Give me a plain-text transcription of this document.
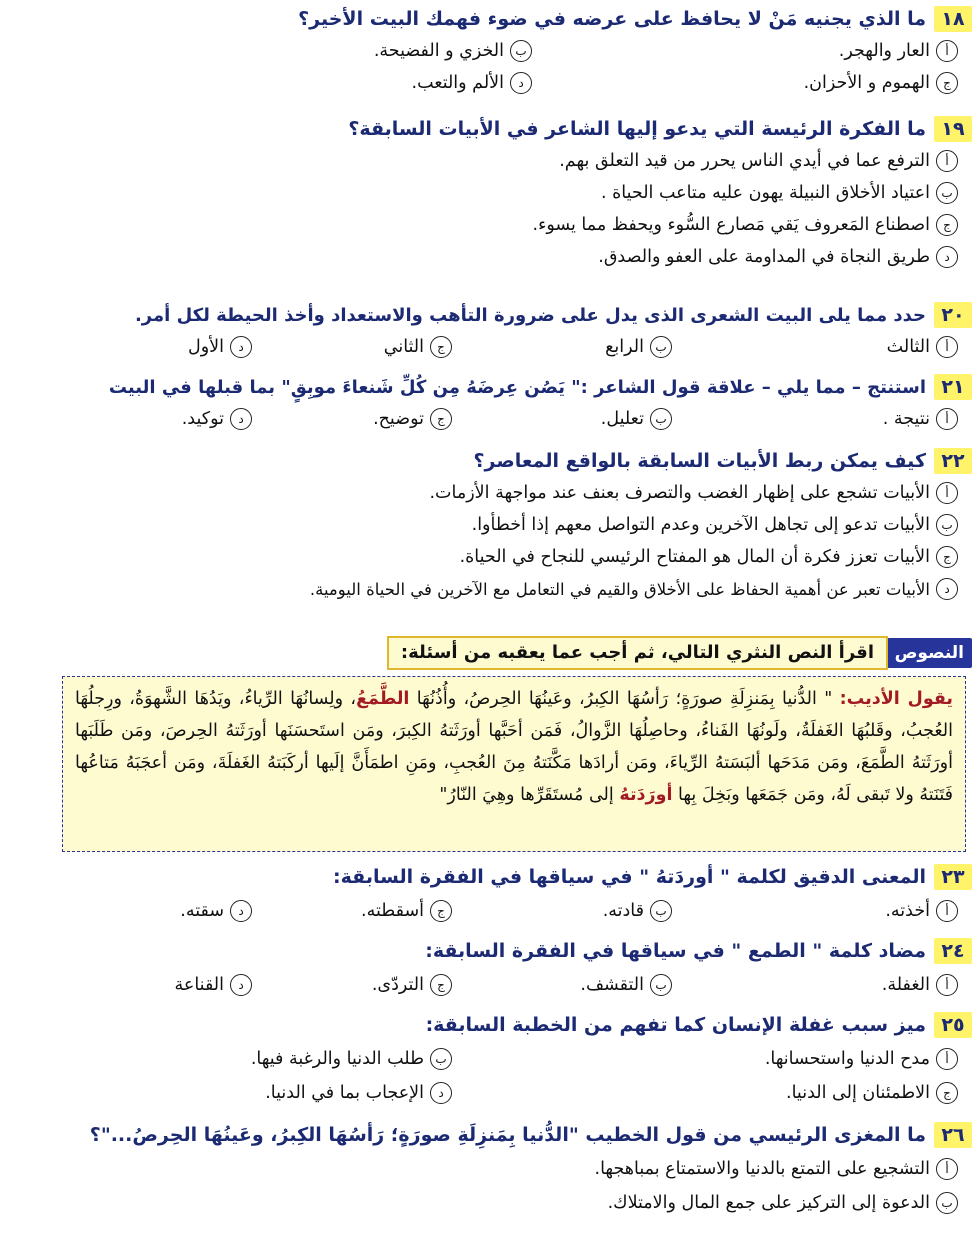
١٨
ما الذي يجنيه مَنْ لا يحافظ على عرضه في ضوء فهمك البيت الأخير؟
أ
العار والهجر.
ب
الخزي و الفضيحة.
ج
الهموم و الأحزان.
د
الألم والتعب.
١٩
ما الفكرة الرئيسة التي يدعو إليها الشاعر في الأبيات السابقة؟
أ
الترفع عما في أيدي الناس يحرر من قيد التعلق بهم.
ب
اعتياد الأخلاق النبيلة يهون عليه متاعب الحياة .
ج
اصطناع المَعروف يَقي مَصارع السُّوء ويحفظ مما يسوء.
د
طريق النجاة في المداومة على العفو والصدق.
٢٠
حدد مما يلى البيت الشعرى الذى يدل على ضرورة التأهب والاستعداد وأخذ الحيطة لكل أمر.
أ
الثالث
ب
الرابع
ج
الثاني
د
الأول
٢١
استنتج – مما يلي – علاقة قول الشاعر :" يَصُن عِرضَهُ مِن كُلِّ شَنعاءَ موبِقٍ" بما قبلها في البيت
أ
نتيجة .
ب
تعليل.
ج
توضيح.
د
توكيد.
٢٢
كيف يمكن ربط الأبيات السابقة بالواقع المعاصر؟
أ
الأبيات تشجع على إظهار الغضب والتصرف بعنف عند مواجهة الأزمات.
ب
الأبيات تدعو إلى تجاهل الآخرين وعدم التواصل معهم إذا أخطأوا.
ج
الأبيات تعزز فكرة أن المال هو المفتاح الرئيسي للنجاح في الحياة.
د
الأبيات تعبر عن أهمية الحفاظ على الأخلاق والقيم في التعامل مع الآخرين في الحياة اليومية.
النصوص
اقرأ النص النثري التالي، ثم أجب عما يعقبه من أسئلة:
يقول الأديب: " الدُّنيا بِمَنزِلَةِ صورَةٍ؛ رَأسُهَا الكِبرُ، وعَينُهَا الحِرصُ، وأُذُنُهَا الطَّمَعُ، ولِسانُهَا الرِّياءُ، ويَدُهَا الشَّهوَةُ، ورِجلُهَا العُجبُ، وقَلبُهَا الغَفلَةُ، ولَونُهَا الفَناءُ، وحاصِلُهَا الزَّوالُ، فَمَن أحَبَّها أورَثَتهُ الكِبرَ، ومَن استَحسَنَها أورَثَتهُ الحِرصَ، ومَن طَلَبَها أورَثَتهُ الطَّمَعَ، ومَن مَدَحَها ألبَسَتهُ الرِّياءَ، ومَن أرادَها مَكَّنَتهُ مِنَ العُجبِ، ومَنِ اطمَأَنَّ إلَيها أركَبَتهُ الغَفلَةَ، ومَن أعجَبَهُ مَتاعُها فَتَنَتهُ ولا تَبقى لَهُ، ومَن جَمَعَها وبَخِلَ بِها أورَدَتهُ إلى مُستَقَرِّها وهِيَ النّارُ"
٢٣
المعنى الدقيق لكلمة " أوردَتهُ " في سياقها في الفقرة السابقة:
أ
أخذته.
ب
قادته.
ج
أسقطته.
د
سقته.
٢٤
مضاد كلمة " الطمع " في سياقها في الفقرة السابقة:
أ
الغفلة.
ب
التقشف.
ج
التردّى.
د
القناعة
٢٥
ميز سبب غفلة الإنسان كما تفهم من الخطبة السابقة:
أ
مدح الدنيا واستحسانها.
ب
طلب الدنيا والرغبة فيها.
ج
الاطمئنان إلى الدنيا.
د
الإعجاب بما في الدنيا.
٢٦
ما المغزى الرئيسي من قول الخطيب "الدُّنيا بِمَنزِلَةِ صورَةٍ؛ رَأسُهَا الكِبرُ، وعَينُهَا الحِرصُ..."؟
أ
التشجيع على التمتع بالدنيا والاستمتاع بمباهجها.
ب
الدعوة إلى التركيز على جمع المال والامتلاك.
